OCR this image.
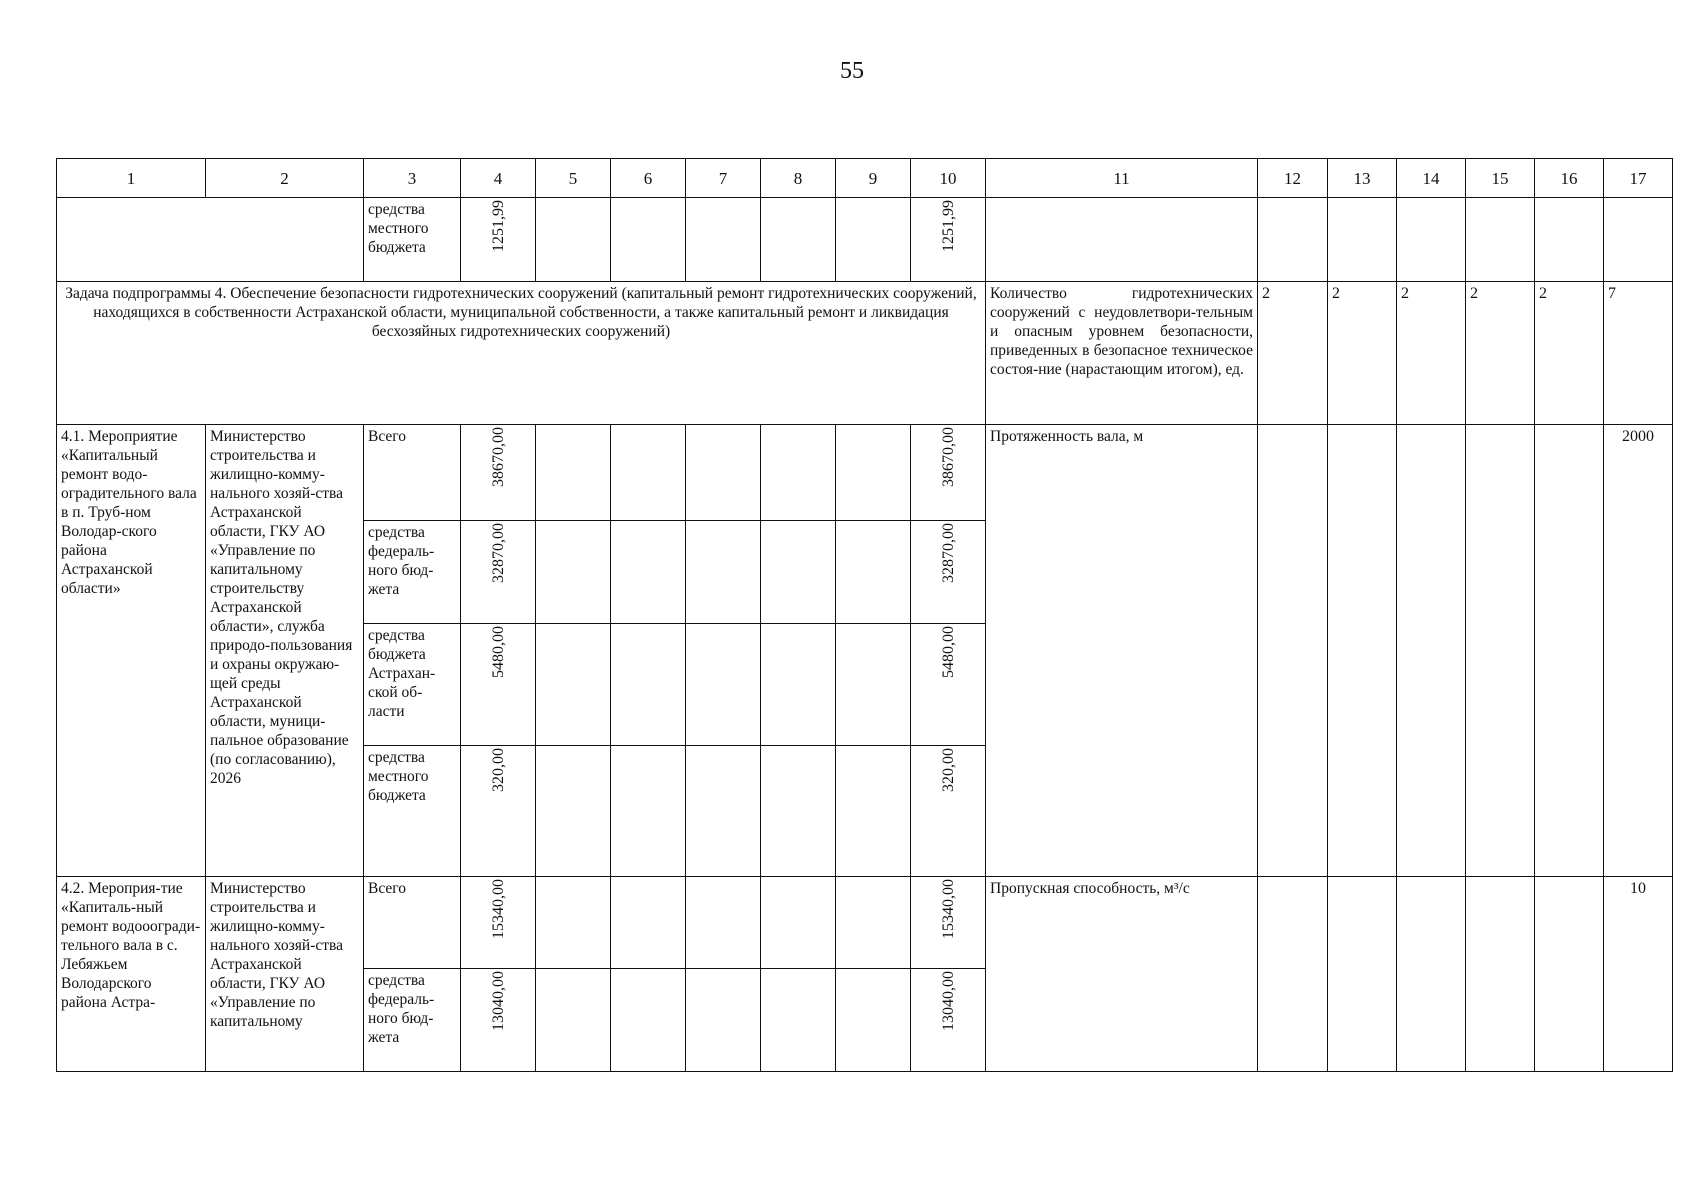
55
1	2	3	4	5	6	7	8	9	10	11	12	13	14	15	16	17
		средства местного бюджета	1251,99						1251,99							
Задача подпрограммы 4. Обеспечение безопасности гидротехнических сооружений (капитальный ремонт гидротехнических сооружений, находящихся в собственности Астраханской области, муниципальной собственности, а также капитальный ремонт и ликвидация бесхозяйных гидротехнических сооружений)										Количество гидротехнических сооружений с неудовлетвори-тельным и опасным уровнем безопасности, приведенных в безопасное техническое состоя-ние (нарастающим итогом), ед.	2	2	2	2	2	7
4.1. Мероприятие «Капитальный ремонт водо-оградительного вала в п. Труб-ном Володар-ского района Астраханской области»	Министерство строительства и жилищно-комму-нального хозяй-ства Астраханской области, ГКУ АО «Управление по капитальному строительству Астраханской области», служба природо-пользования и охраны окружаю-щей среды Астраханской области, муници-пальное образование (по согласованию), 2026	Всего	38670,00						38670,00	Протяженность вала, м						2000
		средства федераль-ного бюд-жета	32870,00						32870,00							
		средства бюджета Астрахан-ской об-ласти	5480,00						5480,00							
		средства местного бюджета	320,00						320,00							
4.2. Мероприя-тие «Капиталь-ный ремонт водооогради-тельного вала в с. Лебяжьем Володарского района Астра-	Министерство строительства и жилищно-комму-нального хозяй-ства Астраханской области, ГКУ АО «Управление по капитальному	Всего	15340,00						15340,00	Пропускная способность, м³/с						10
		средства федераль-ного бюд-жета	13040,00						13040,00							
